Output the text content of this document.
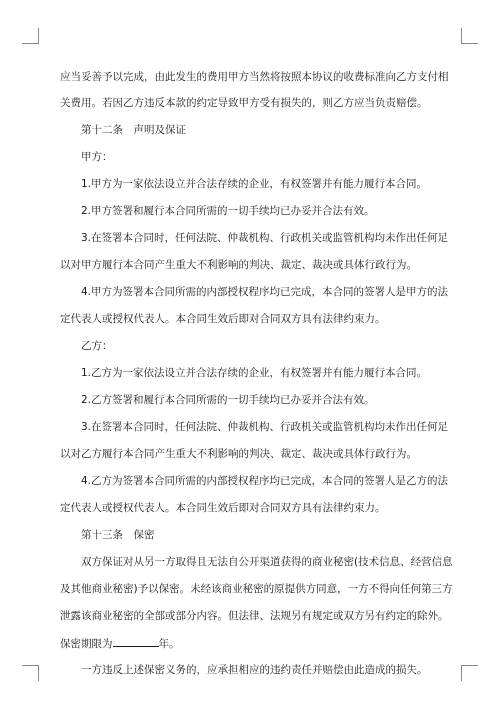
应当妥善予以完成，由此发生的费用甲方当然将按照本协议的收费标准向乙方支付相
关费用。若因乙方违反本款的约定导致甲方受有损失的，则乙方应当负责赔偿。
第十二条　声明及保证
甲方：
1.甲方为一家依法设立并合法存续的企业，有权签署并有能力履行本合同。
2.甲方签署和履行本合同所需的一切手续均已办妥并合法有效。
3.在签署本合同时，任何法院、仲裁机构、行政机关或监管机构均未作出任何足
以对甲方履行本合同产生重大不利影响的判决、裁定、裁决或具体行政行为。
4.甲方为签署本合同所需的内部授权程序均已完成，本合同的签署人是甲方的法
定代表人或授权代表人。本合同生效后即对合同双方具有法律约束力。
乙方：
1.乙方为一家依法设立并合法存续的企业，有权签署并有能力履行本合同。
2.乙方签署和履行本合同所需的一切手续均已办妥并合法有效。
3.在签署本合同时，任何法院、仲裁机构、行政机关或监管机构均未作出任何足
以对乙方履行本合同产生重大不利影响的判决、裁定、裁决或具体行政行为。
4.乙方为签署本合同所需的内部授权程序均已完成，本合同的签署人是乙方的法
定代表人或授权代表人。本合同生效后即对合同双方具有法律约束力。
第十三条　保密
双方保证对从另一方取得且无法自公开渠道获得的商业秘密(技术信息、经营信息
及其他商业秘密)予以保密。未经该商业秘密的原提供方同意，一方不得向任何第三方
泄露该商业秘密的全部或部分内容。但法律、法规另有规定或双方另有约定的除外。
保密期限为	年。
一方违反上述保密义务的，应承担相应的违约责任并赔偿由此造成的损失。
